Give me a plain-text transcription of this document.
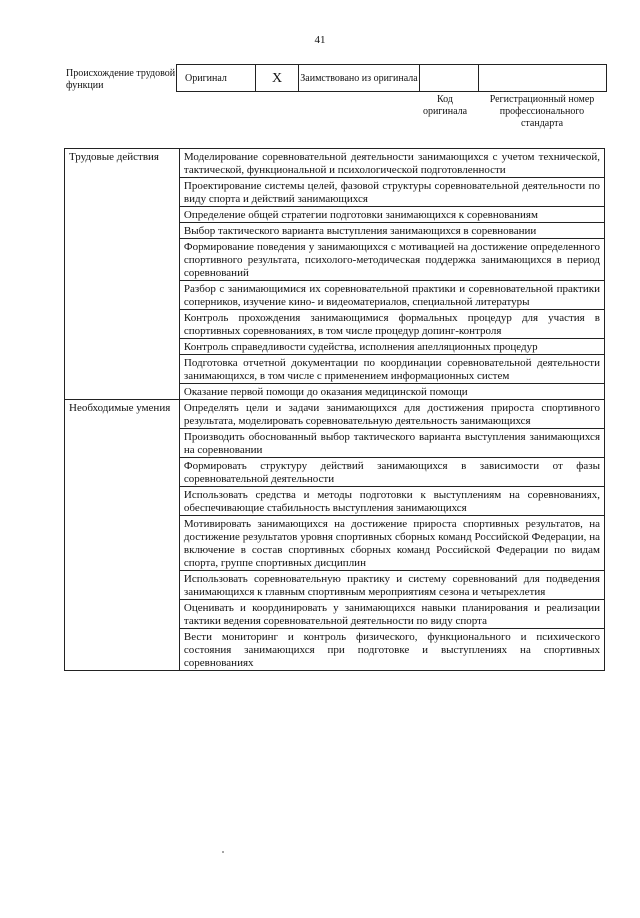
41
Происхождение трудовой функции
Оригинал	X	Заимствовано из оригинала		
Код оригинала
Регистрационный номер профессионального стандарта
Трудовые действия	Моделирование соревновательной деятельности занимающихся с учетом технической, тактической, функциональной и психологической подготовленности
	Проектирование системы целей, фазовой структуры соревновательной деятельности по виду спорта и действий занимающихся
	Определение общей стратегии подготовки занимающихся к соревнованиям
	Выбор тактического варианта выступления занимающихся в соревновании
	Формирование поведения у занимающихся с мотивацией на достижение определенного спортивного результата, психолого-методическая поддержка занимающихся в период соревнований
	Разбор с занимающимися их соревновательной практики и соревновательной практики соперников, изучение кино- и видеоматериалов, специальной литературы
	Контроль прохождения занимающимися формальных процедур для участия в спортивных соревнованиях, в том числе процедур допинг-контроля
	Контроль справедливости судейства, исполнения апелляционных процедур
	Подготовка отчетной документации по координации соревновательной деятельности занимающихся, в том числе с применением информационных систем
	Оказание первой помощи до оказания медицинской помощи
Необходимые умения	Определять цели и задачи занимающихся для достижения прироста спортивного результата, моделировать соревновательную деятельность занимающихся
	Производить обоснованный выбор тактического варианта выступления занимающихся на соревновании
	Формировать структуру действий занимающихся в зависимости от фазы соревновательной деятельности
	Использовать средства и методы подготовки к выступлениям на соревнованиях, обеспечивающие стабильность выступления занимающихся
	Мотивировать занимающихся на достижение прироста спортивных результатов, на достижение результатов уровня спортивных сборных команд Российской Федерации, на включение в состав спортивных сборных команд Российской Федерации по видам спорта, группе спортивных дисциплин
	Использовать соревновательную практику и систему соревнований для подведения занимающихся к главным спортивным мероприятиям сезона и четырехлетия
	Оценивать и координировать у занимающихся навыки планирования и реализации тактики ведения соревновательной деятельности по виду спорта
	Вести мониторинг и контроль физического, функционального и психического состояния занимающихся при подготовке и выступлениях на спортивных соревнованиях
